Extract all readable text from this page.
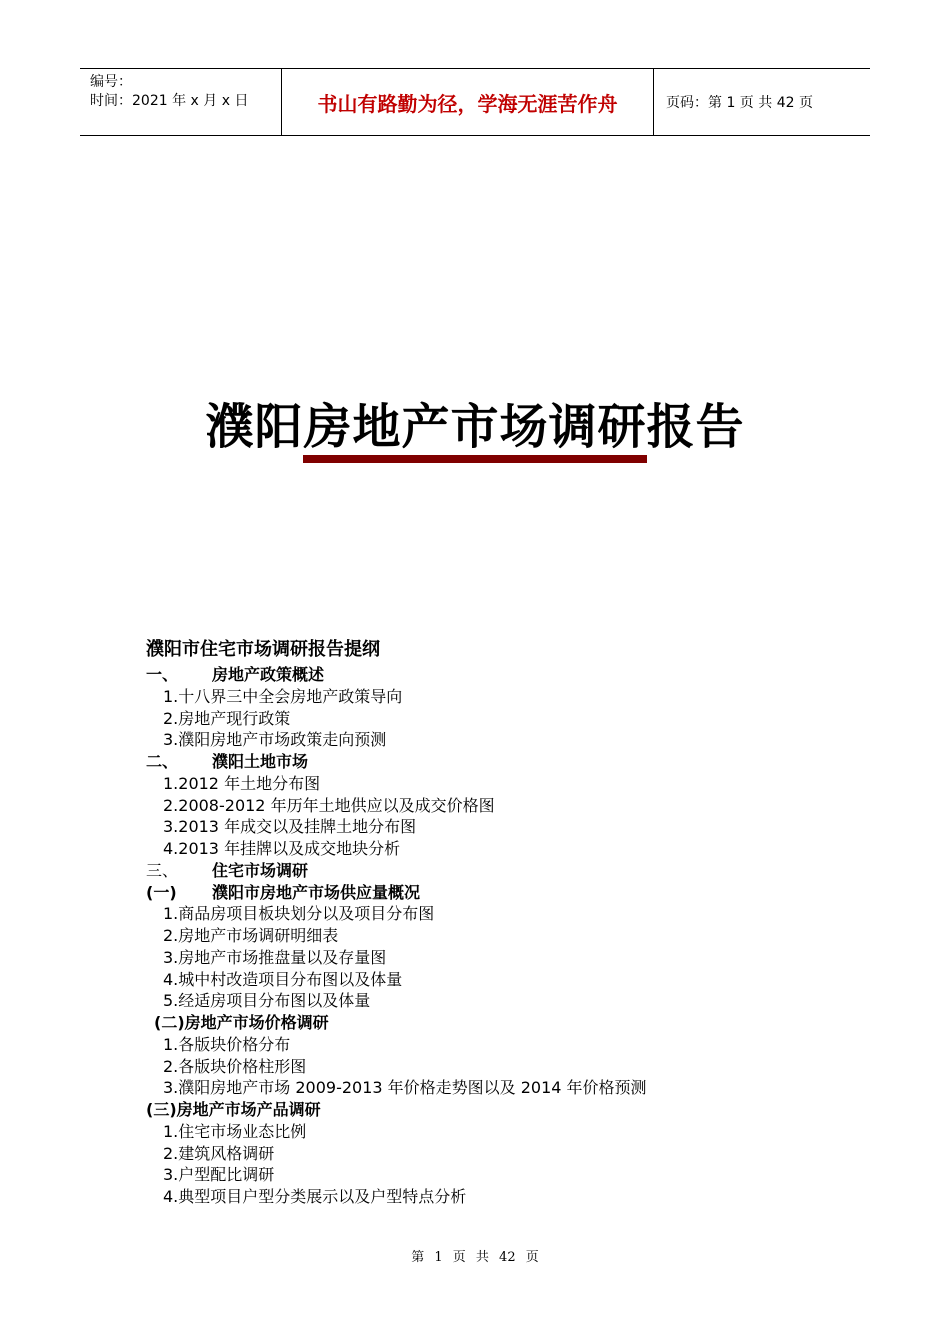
编号：
时间：2021 年 x 月 x 日	书山有路勤为径，学海无涯苦作舟	页码：第 1 页 共 42 页
濮阳房地产市场调研报告
濮阳市住宅市场调研报告提纲
一、 房地产政策概述
1.十八界三中全会房地产政策导向
2.房地产现行政策
3.濮阳房地产市场政策走向预测
二、 濮阳土地市场
1.2012 年土地分布图
2.2008-2012 年历年土地供应以及成交价格图
3.2013 年成交以及挂牌土地分布图
4.2013 年挂牌以及成交地块分析
三、 住宅市场调研
(一) 濮阳市房地产市场供应量概况
1.商品房项目板块划分以及项目分布图
2.房地产市场调研明细表
3.房地产市场推盘量以及存量图
4.城中村改造项目分布图以及体量
5.经适房项目分布图以及体量
(二)房地产市场价格调研
1.各版块价格分布
2.各版块价格柱形图
3.濮阳房地产市场 2009-2013 年价格走势图以及 2014 年价格预测
(三)房地产市场产品调研
1.住宅市场业态比例
2.建筑风格调研
3.户型配比调研
4.典型项目户型分类展示以及户型特点分析
第 1 页 共 42 页
